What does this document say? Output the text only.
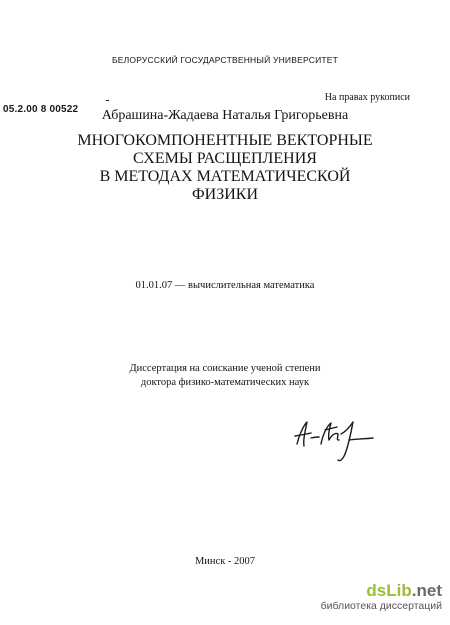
БЕЛОРУССКИЙ ГОСУДАРСТВЕННЫЙ УНИВЕРСИТЕТ
05.2.00 8 00522
На правах рукописи
Абрашина-Жадаева Наталья Григорьевна
МНОГОКОМПОНЕНТНЫЕ ВЕКТОРНЫЕ
СХЕМЫ РАСЩЕПЛЕНИЯ
В МЕТОДАХ МАТЕМАТИЧЕСКОЙ
ФИЗИКИ
01.01.07 — вычислительная математика
Диссертация на соискание ученой степени
доктора физико-математических наук
Минск - 2007
dsLib.net
библиотека диссертаций
